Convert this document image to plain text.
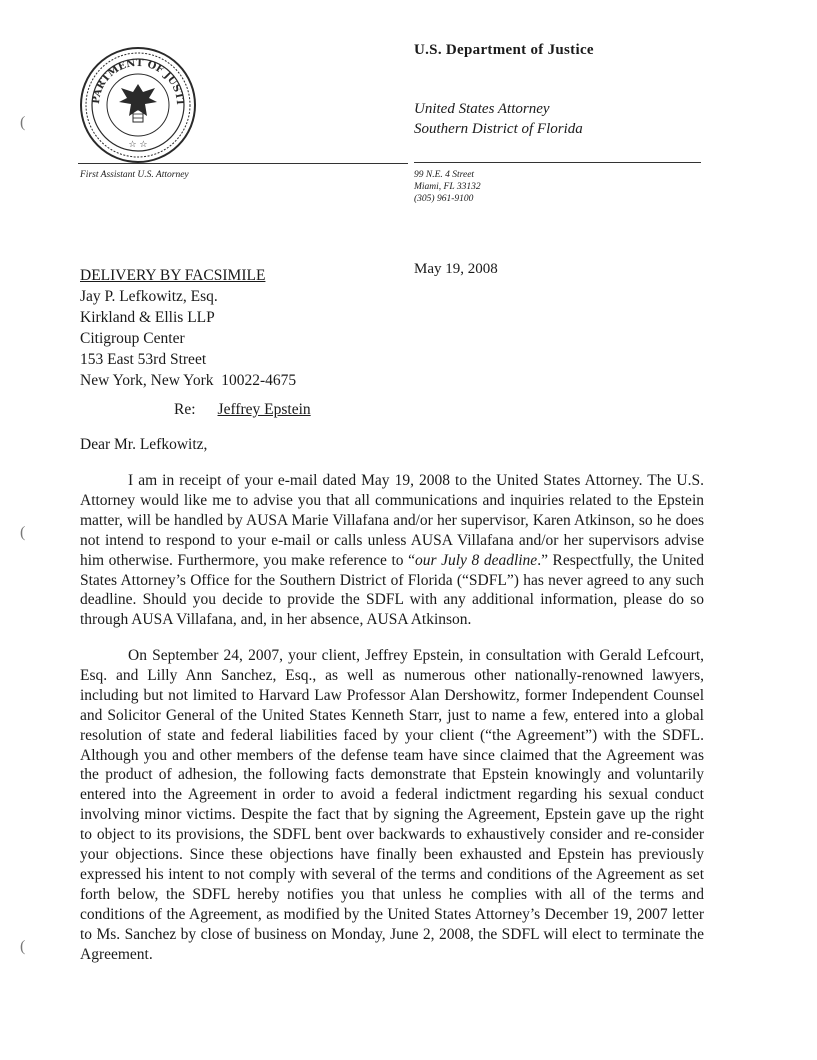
PARTMENT OF JUSTI
☆ ☆
U.S. Department of Justice
United States Attorney
Southern District of Florida
First Assistant U.S. Attorney	99 N.E. 4 Street
Miami, FL 33132
(305) 961-9100
May 19, 2008
DELIVERY BY FACSIMILE
Jay P. Lefkowitz, Esq.
Kirkland & Ellis LLP
Citigroup Center
153 East 53rd Street
New York, New York  10022-4675
Re: Jeffrey Epstein
Dear Mr. Lefkowitz,
I am in receipt of your e-mail dated May 19, 2008 to the United States Attorney. The U.S. Attorney would like me to advise you that all communications and inquiries related to the Epstein matter, will be handled by AUSA Marie Villafana and/or her supervisor, Karen Atkinson, so he does not intend to respond to your e-mail or calls unless AUSA Villafana and/or her supervisors advise him otherwise. Furthermore, you make reference to “our July 8 deadline.” Respectfully, the United States Attorney’s Office for the Southern District of Florida (“SDFL”) has never agreed to any such deadline. Should you decide to provide the SDFL with any additional information, please do so through AUSA Villafana, and, in her absence, AUSA Atkinson.
On September 24, 2007, your client, Jeffrey Epstein, in consultation with Gerald Lefcourt, Esq. and Lilly Ann Sanchez, Esq., as well as numerous other nationally-renowned lawyers, including but not limited to Harvard Law Professor Alan Dershowitz, former Independent Counsel and Solicitor General of the United States Kenneth Starr, just to name a few, entered into a global resolution of state and federal liabilities faced by your client (“the Agreement”) with the SDFL. Although you and other members of the defense team have since claimed that the Agreement was the product of adhesion, the following facts demonstrate that Epstein knowingly and voluntarily entered into the Agreement in order to avoid a federal indictment regarding his sexual conduct involving minor victims. Despite the fact that by signing the Agreement, Epstein gave up the right to object to its provisions, the SDFL bent over backwards to exhaustively consider and re-consider your objections. Since these objections have finally been exhausted and Epstein has previously expressed his intent to not comply with several of the terms and conditions of the Agreement as set forth below, the SDFL hereby notifies you that unless he complies with all of the terms and conditions of the Agreement, as modified by the United States Attorney’s December 19, 2007 letter to Ms. Sanchez by close of business on Monday, June 2, 2008, the SDFL will elect to terminate the Agreement.
(
(
(
